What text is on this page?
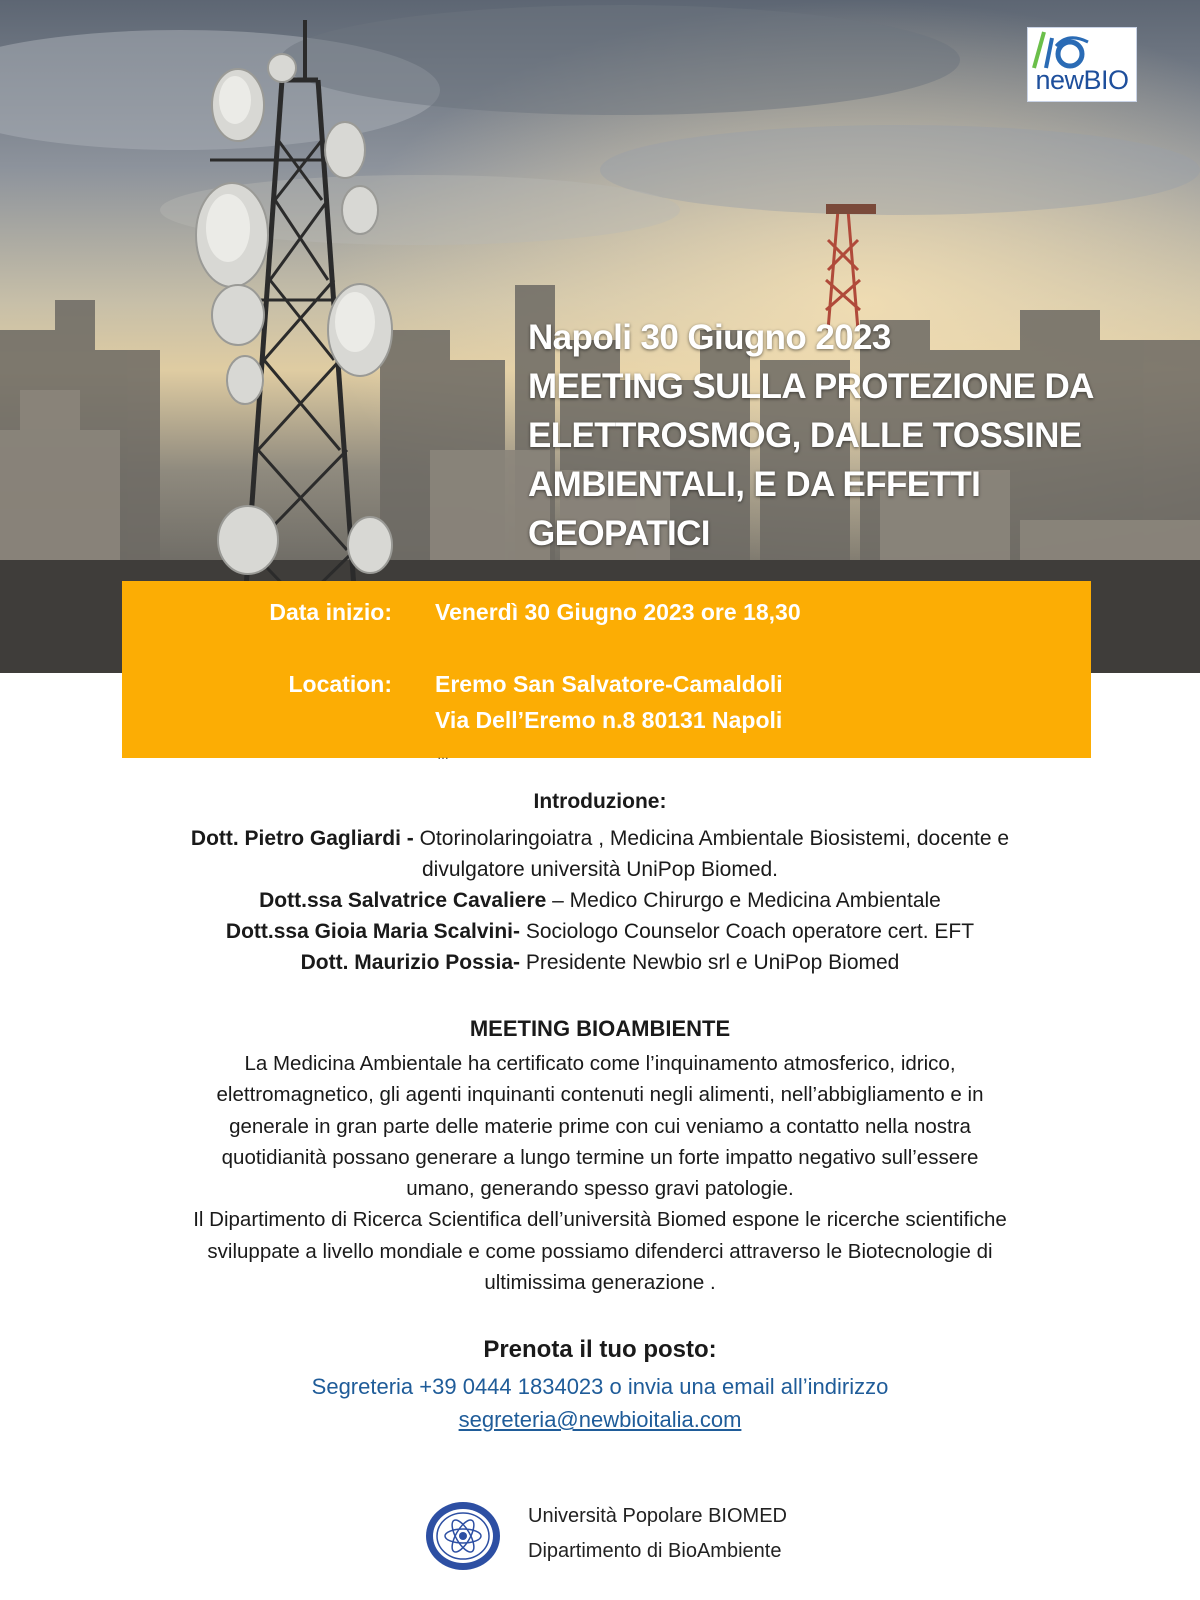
newBIO
Napoli 30 Giugno 2023
MEETING SULLA PROTEZIONE DA
ELETTROSMOG, DALLE TOSSINE
AMBIENTALI, E DA EFFETTI
GEOPATICI
Data inizio: Venerdì 30 Giugno 2023 ore 18,30
Location: Eremo San Salvatore-Camaldoli
Via Dell’Eremo n.8 80131 Napoli
…
Introduzione:
Dott. Pietro Gagliardi - Otorinolaringoiatra , Medicina Ambientale Biosistemi, docente e
divulgatore università UniPop Biomed.
Dott.ssa Salvatrice Cavaliere – Medico Chirurgo e Medicina Ambientale
Dott.ssa Gioia Maria Scalvini- Sociologo Counselor Coach operatore cert. EFT
Dott. Maurizio Possia- Presidente Newbio srl e UniPop Biomed
MEETING BIOAMBIENTE
La Medicina Ambientale ha certificato come l’inquinamento atmosferico, idrico,
elettromagnetico, gli agenti inquinanti contenuti negli alimenti, nell’abbigliamento e in
generale in gran parte delle materie prime con cui veniamo a contatto nella nostra
quotidianità possano generare a lungo termine un forte impatto negativo sull’essere
umano, generando spesso gravi patologie.
Il Dipartimento di Ricerca Scientifica dell’università Biomed espone le ricerche scientifiche
sviluppate a livello mondiale e come possiamo difenderci attraverso le Biotecnologie di
ultimissima generazione .
Prenota il tuo posto:
Segreteria +39 0444 1834023 o invia una email all’indirizzo
segreteria@newbioitalia.com
Università Popolare BIOMED
Dipartimento di BioAmbiente
